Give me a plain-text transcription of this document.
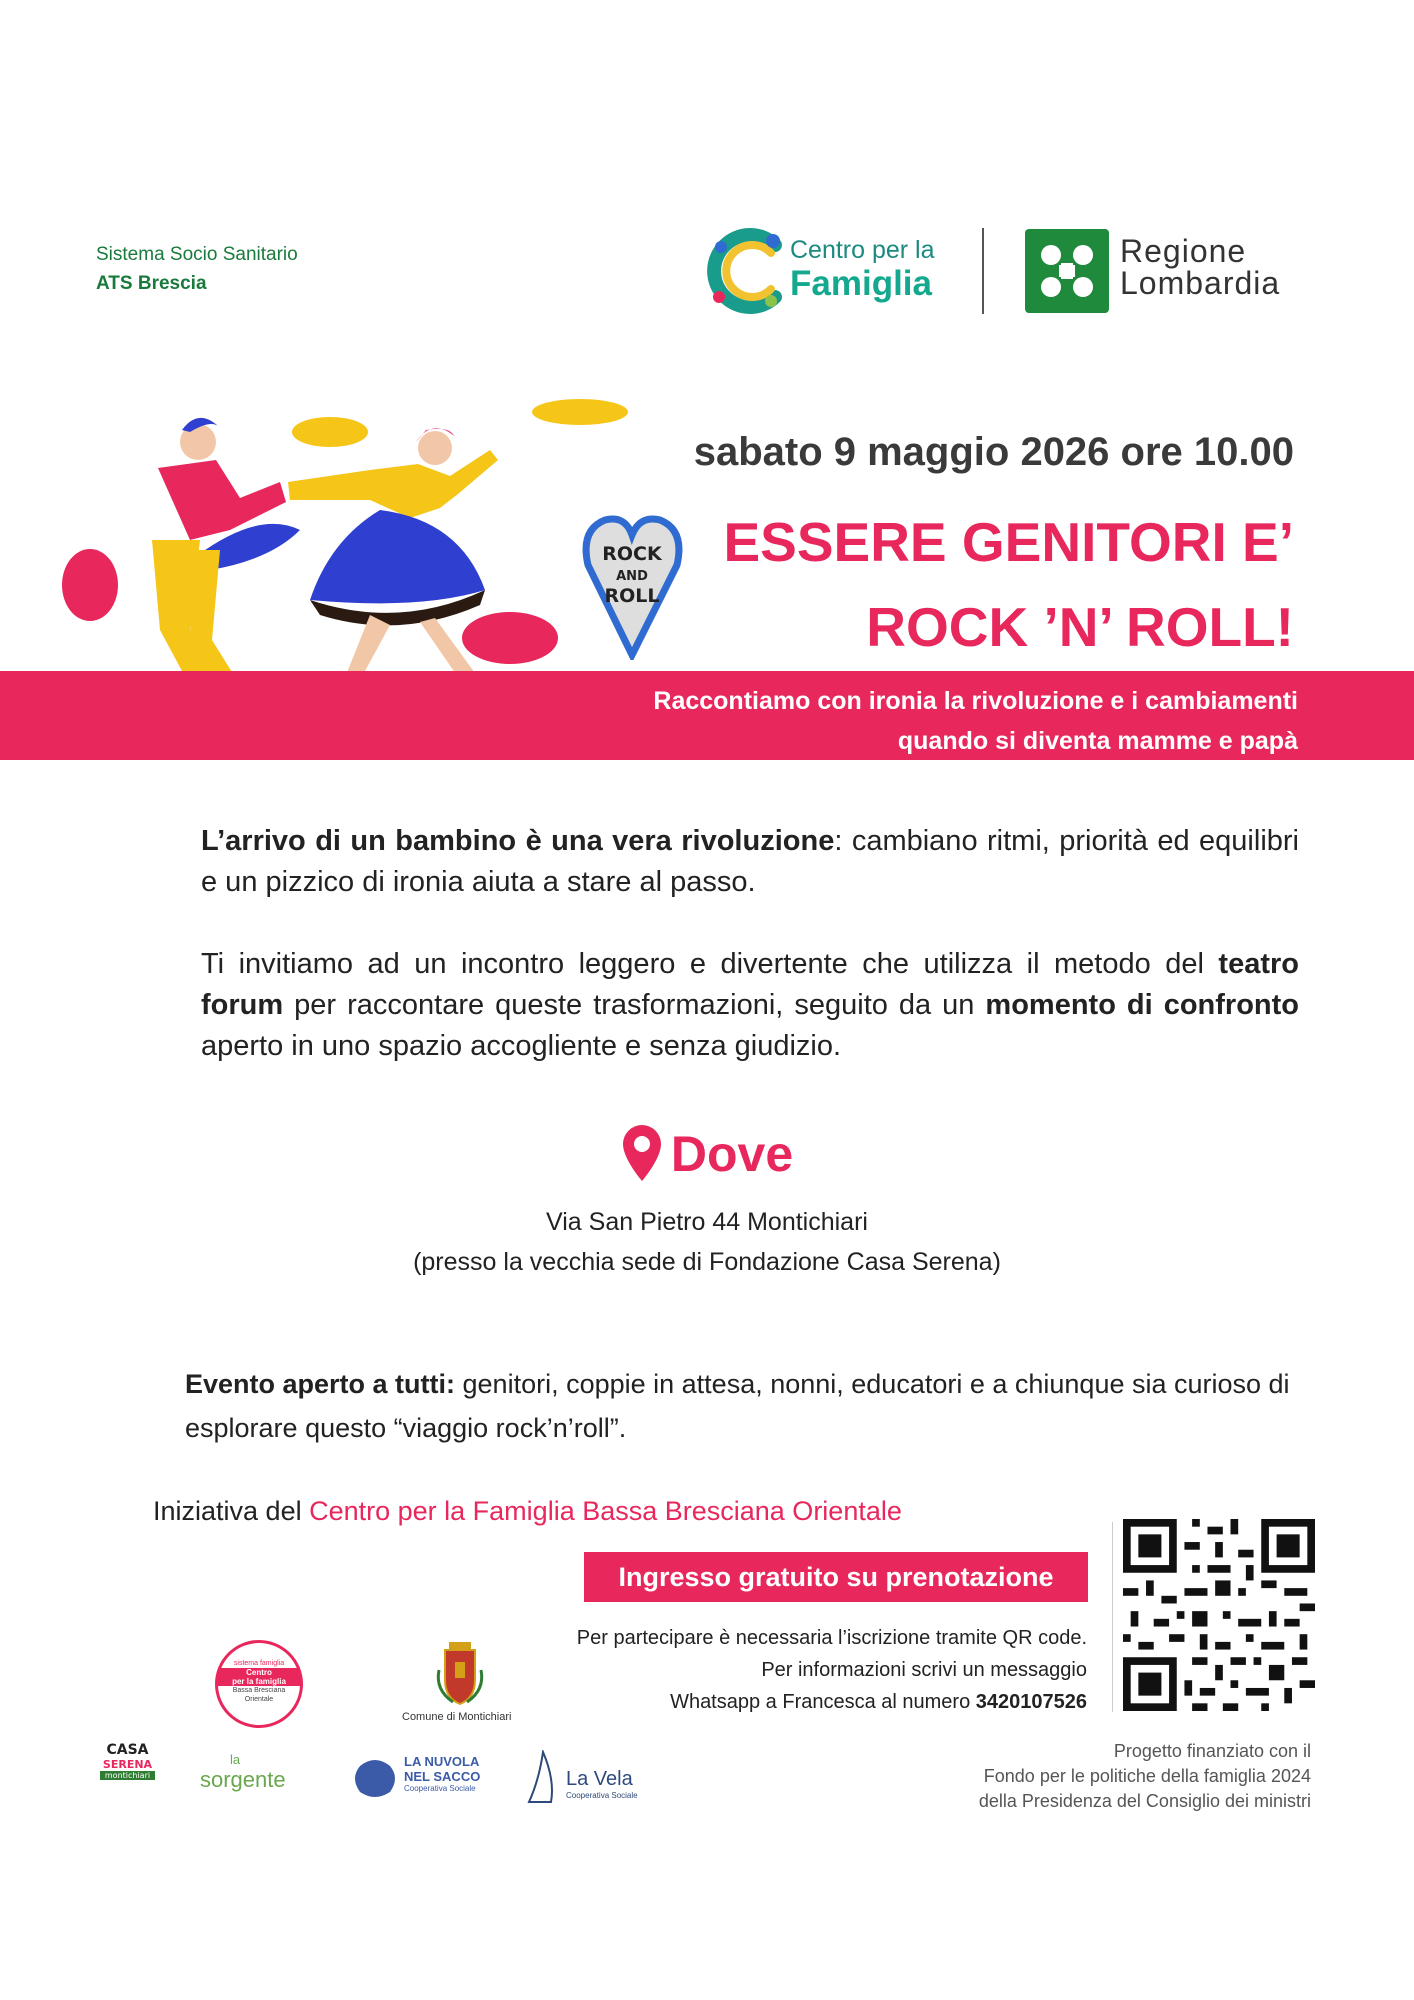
Sistema Socio Sanitario
ATS Brescia
Centro per la
Famiglia
Regione
Lombardia
ROCK
AND
ROLL
sabato 9 maggio 2026 ore 10.00
ESSERE GENITORI E’
ROCK ’N’ ROLL!
Raccontiamo con ironia la rivoluzione e i cambiamenti
quando si diventa mamme e papà
L’arrivo di un bambino è una vera rivoluzione: cambiano ritmi, priorità ed equilibri e un pizzico di ironia aiuta a stare al passo.
Ti invitiamo ad un incontro leggero e divertente che utilizza il metodo del teatro forum per raccontare queste trasformazioni, seguito da un momento di confronto aperto in uno spazio accogliente e senza giudizio.
Dove
Via San Pietro 44 Montichiari
(presso la vecchia sede di Fondazione Casa Serena)
Evento aperto a tutti: genitori, coppie in attesa, nonni, educatori e a chiunque sia curioso di esplorare questo “viaggio rock’n’roll”.
Iniziativa del Centro per la Famiglia Bassa Bresciana Orientale
Ingresso gratuito su prenotazione
Per partecipare è necessaria l’iscrizione tramite QR code.
Per informazioni scrivi un messaggio
Whatsapp a Francesca al numero 3420107526
Progetto finanziato con il
Fondo per le politiche della famiglia 2024
della Presidenza del Consiglio dei ministri
sistema famiglia
Centro
per la famiglia
Bassa Bresciana
Orientale
Comune di Montichiari
CASA
SERENA
montichiari
la
sorgente
LA NUVOLA
NEL SACCO
Cooperativa Sociale	La Vela
Cooperativa Sociale
